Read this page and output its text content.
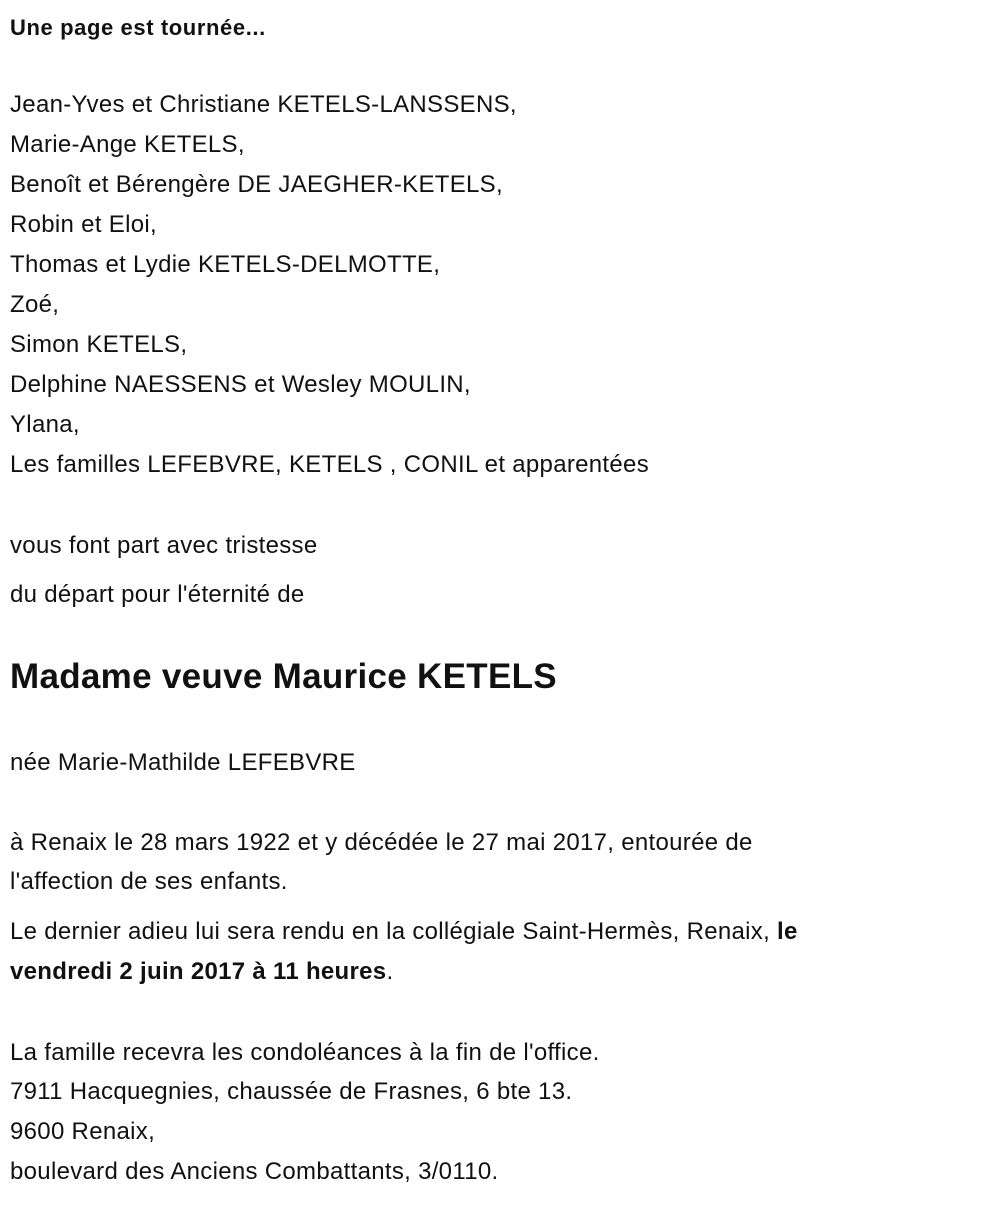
Une page est tournée...
Jean-Yves et Christiane KETELS-LANSSENS,
Marie-Ange KETELS,
Benoît et Bérengère DE JAEGHER-KETELS,
Robin et Eloi,
Thomas et Lydie KETELS-DELMOTTE,
Zoé,
Simon KETELS,
Delphine NAESSENS et Wesley MOULIN,
Ylana,
Les familles LEFEBVRE, KETELS , CONIL et apparentées
vous font part avec tristesse
du départ pour l'éternité de
Madame veuve Maurice KETELS
née Marie-Mathilde LEFEBVRE
à Renaix le 28 mars 1922 et y décédée le 27 mai 2017, entourée de
l'affection de ses enfants.
Le dernier adieu lui sera rendu en la collégiale Saint-Hermès, Renaix, le
vendredi 2 juin 2017 à 11 heures.
La famille recevra les condoléances à la fin de l'office.
7911 Hacquegnies, chaussée de Frasnes, 6 bte 13.
9600 Renaix,
boulevard des Anciens Combattants, 3/0110.
